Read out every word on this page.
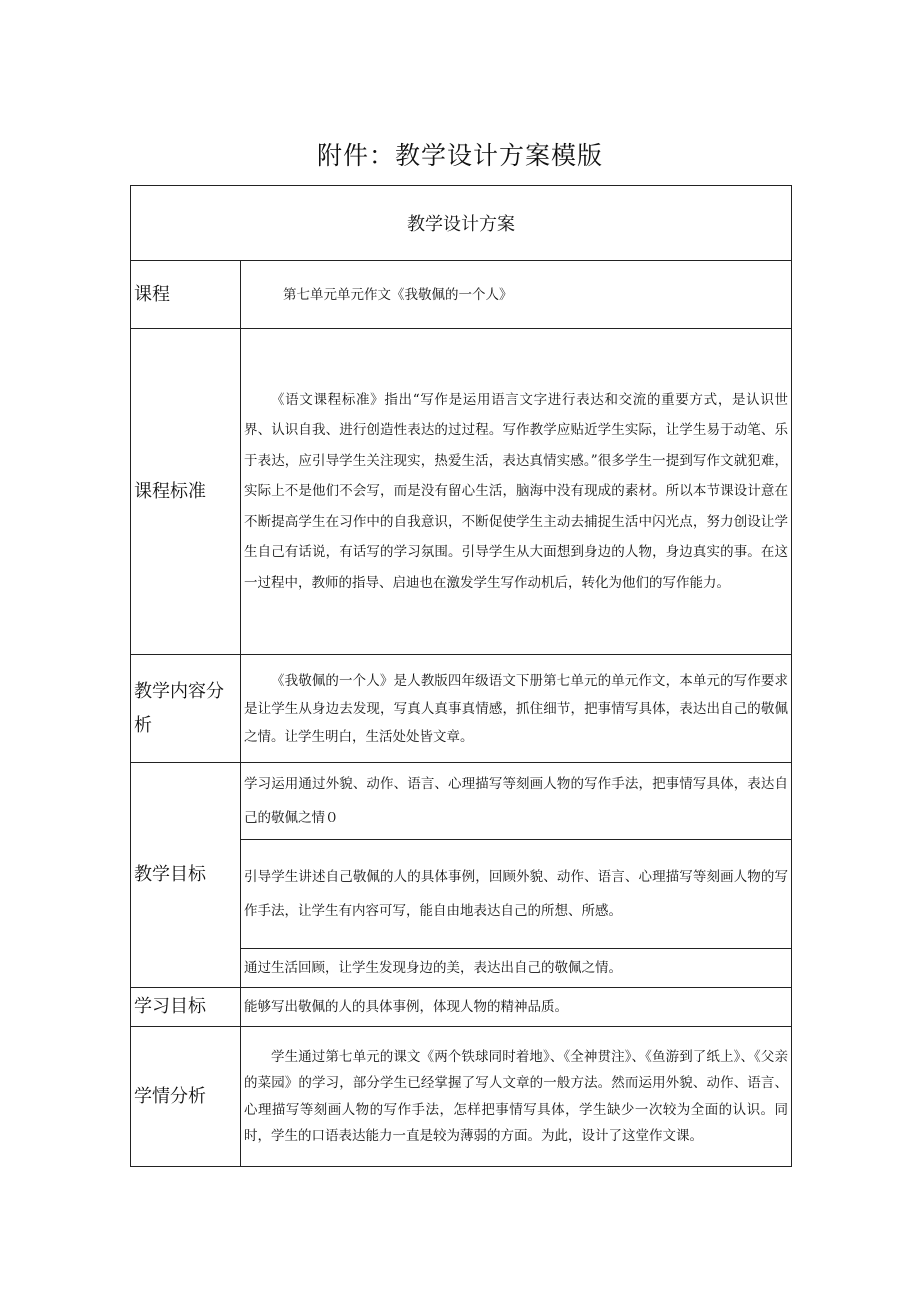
附件：教学设计方案模版
教学设计方案	
课程	第七单元单元作文《我敬佩的一个人》

课程标准	《语文课程标准》指出“写作是运用语言文字进行表达和交流的重要方式，是认识世界、认识自我、进行创造性表达的过过程。写作教学应贴近学生实际，让学生易于动笔、乐于表达，应引导学生关注现实，热爱生活，表达真情实感。”很多学生一提到写作文就犯难，实际上不是他们不会写，而是没有留心生活，脑海中没有现成的素材。所以本节课设计意在不断提高学生在习作中的自我意识，不断促使学生主动去捕捉生活中闪光点，努力创设让学生自己有话说，有话写的学习氛围。引导学生从大面想到身边的人物，身边真实的事。在这一过程中，教师的指导、启迪也在激发学生写作动机后，转化为他们的写作能力。

教学内容分析	《我敬佩的一个人》是人教版四年级语文下册第七单元的单元作文，本单元的写作要求是让学生从身边去发现，写真人真事真情感，抓住细节，把事情写具体，表达出自己的敬佩之情。让学生明白，生活处处皆文章。

教学目标	学习运用通过外貌、动作、语言、心理描写等刻画人物的写作手法，把事情写具体，表达自己的敬佩之情０

	引导学生讲述自己敬佩的人的具体事例，回顾外貌、动作、语言、心理描写等刻画人物的写作手法，让学生有内容可写，能自由地表达自己的所想、所感。

	通过生活回顾，让学生发现身边的美，表达出自己的敬佩之情。

学习目标	能够写出敬佩的人的具体事例，体现人物的精神品质。

学情分析	学生通过第七单元的课文《两个铁球同时着地》、《全神贯注》、《鱼游到了纸上》、《父亲的菜园》的学习，部分学生已经掌握了写人文章的一般方法。然而运用外貌、动作、语言、心理描写等刻画人物的写作手法，怎样把事情写具体，学生缺少一次较为全面的认识。同时，学生的口语表达能力一直是较为薄弱的方面。为此，设计了这堂作文课。
